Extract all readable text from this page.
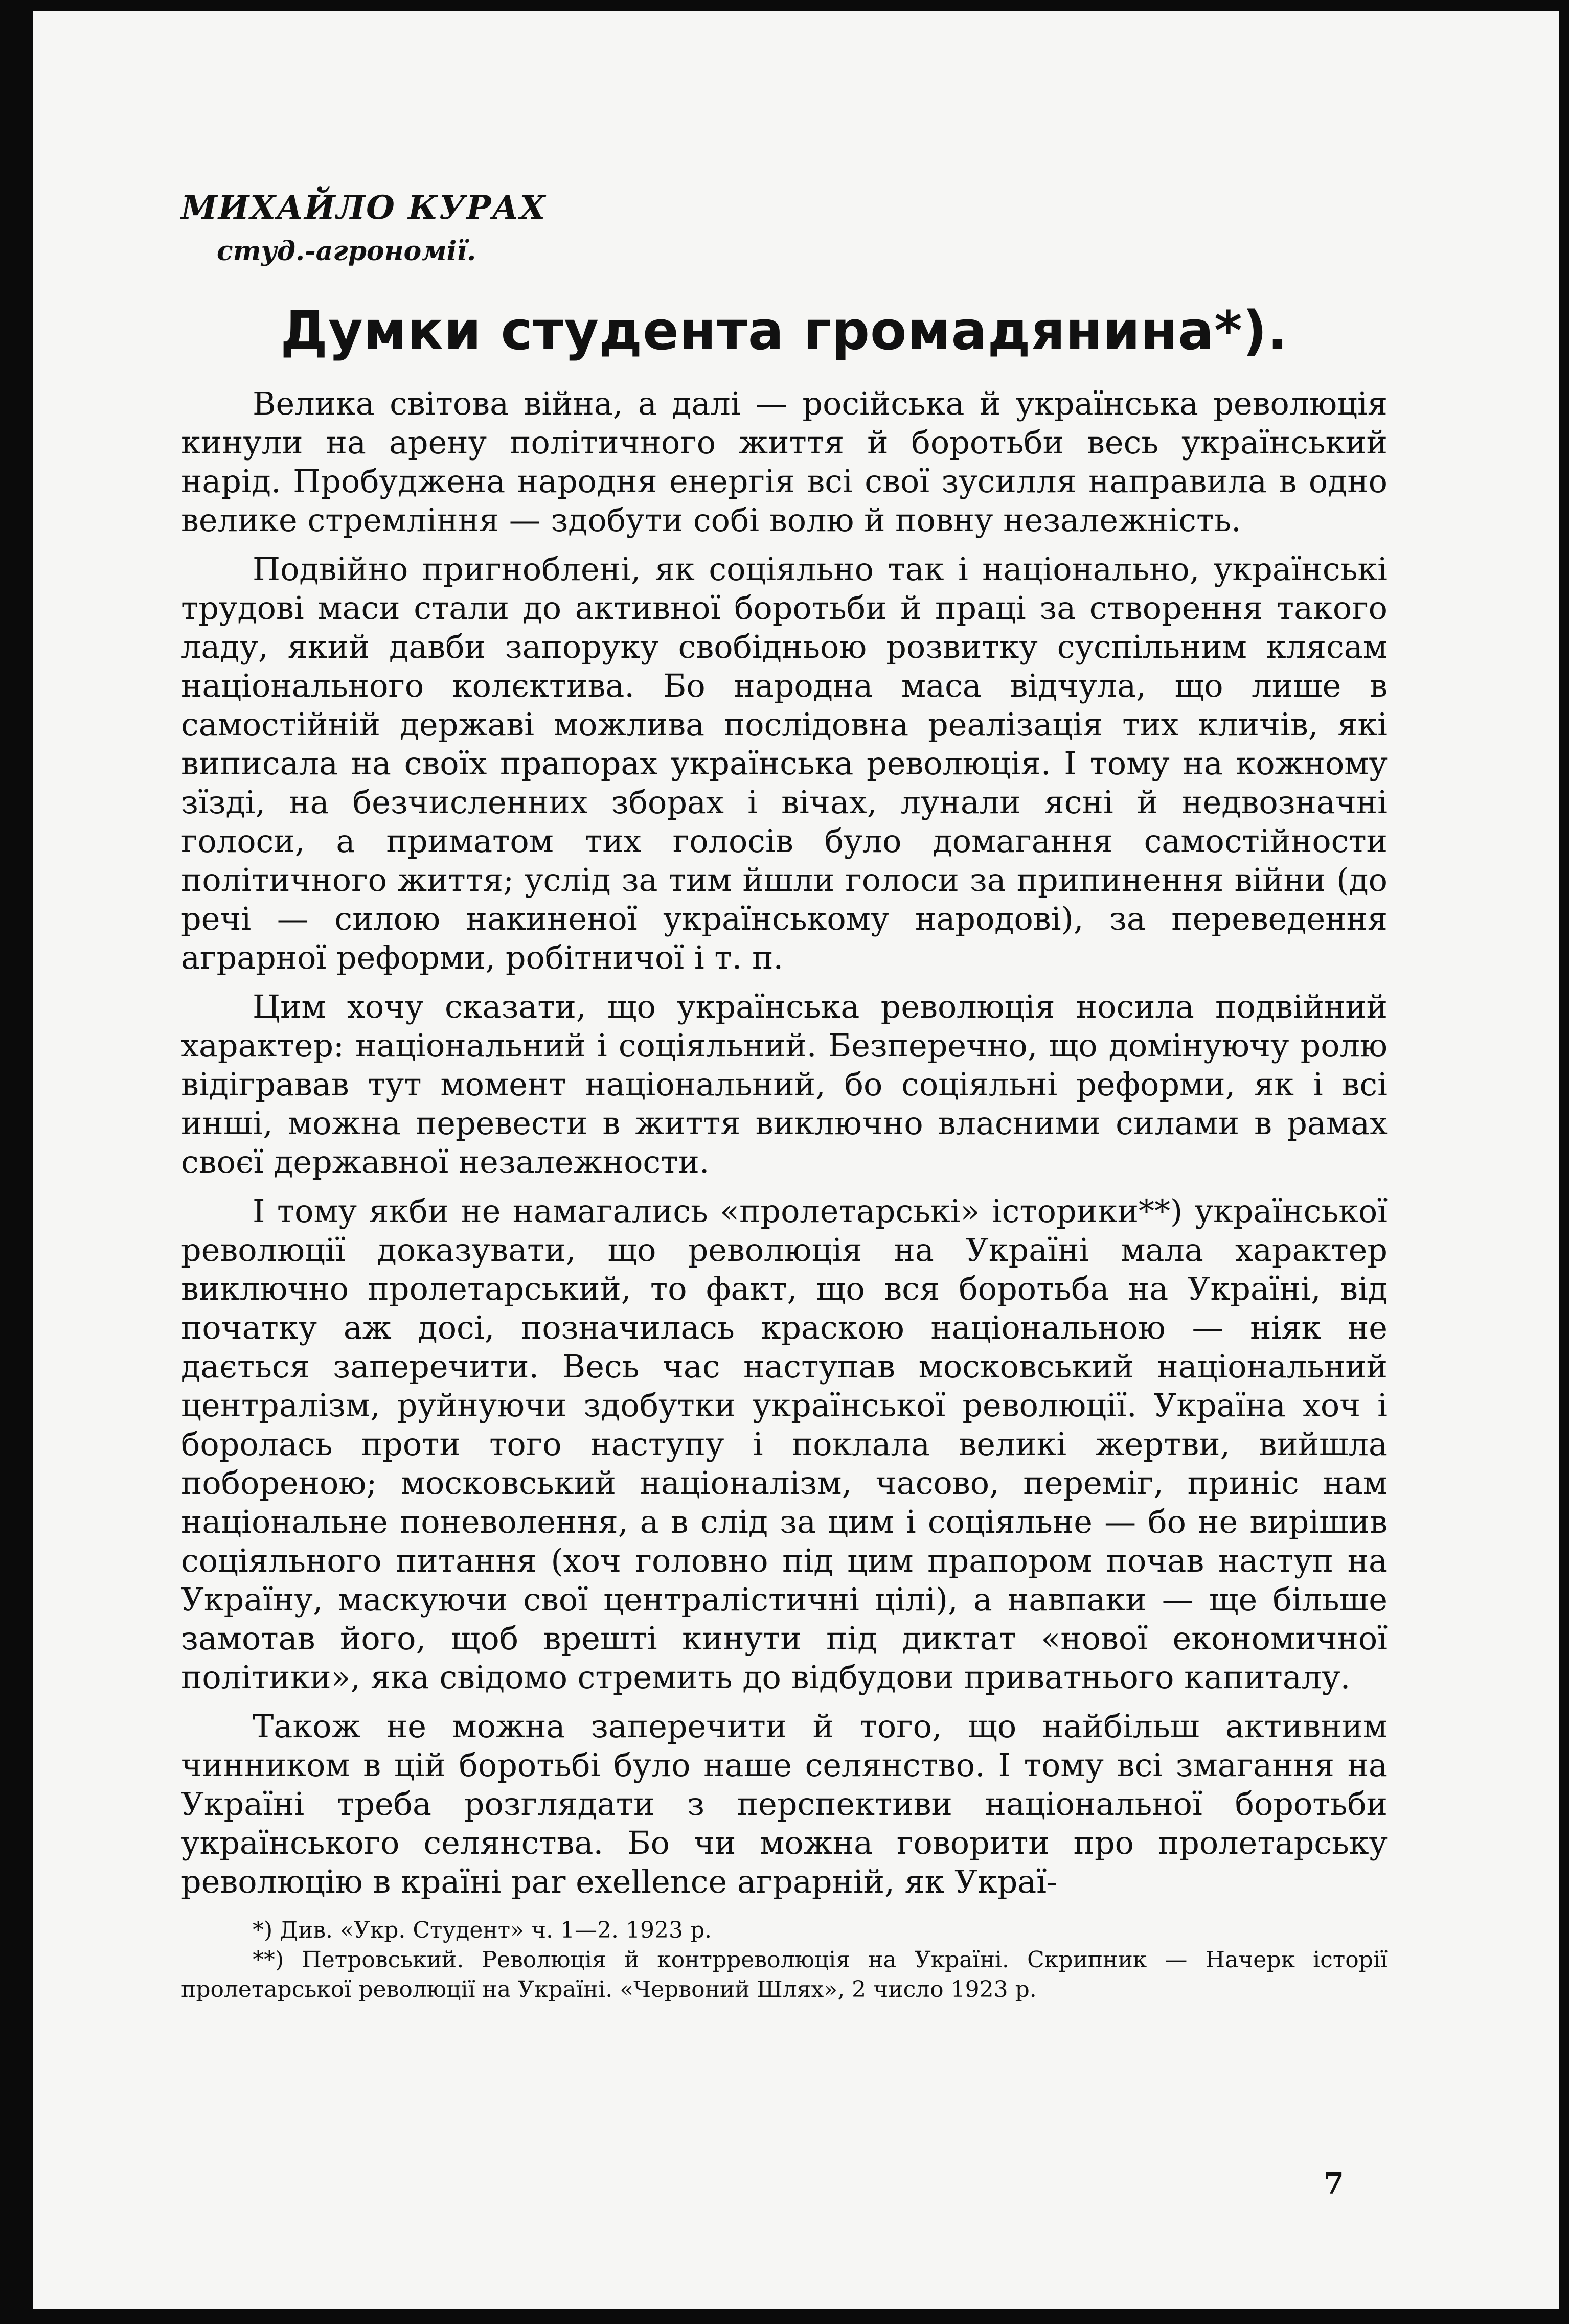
МИХАЙЛО КУРАХ

студ.-агрономії.

Думки студента громадянина*).

Велика світова війна, а далі — російська й українська революція кинули на арену політичного життя й боротьби весь український нарід. Пробуджена народня енергія всі свої зусилля направила в одно велике стремління — здобути собі волю й повну незалежність.

Подвійно пригноблені, як соціяльно так і національно, українські трудові маси стали до активної боротьби й праці за створення такого ладу, який давби запоруку свобідньою розвитку суспільним клясам національного колєктива. Бо народна маса відчула, що лише в самостійній державі можлива послідовна реалізація тих кличів, які виписала на своїх прапорах українська революція. І тому на кожному зїзді, на безчисленних зборах і вічах, лунали ясні й недвозначні голоси, а приматом тих голосів було домагання самостійности політичного життя; услід за тим йшли голоси за припинення війни (до речі — силою накиненої українському народові), за переведення аграрної реформи, робітничої і т. п.

Цим хочу сказати, що українська революція носила подвійний характер: національний і соціяльний. Безперечно, що домінуючу ролю відігравав тут момент національний, бо соціяльні реформи, як і всі инші, можна перевести в життя виключно власними силами в рамах своєї державної незалежности.

І тому якби не намагались «пролетарські» історики**) української революції доказувати, що революція на Україні мала характер виключно пролетарський, то факт, що вся боротьба на Україні, від початку аж досі, позначилась краскою національною — ніяк не дається заперечити. Весь час наступав московський національний централізм, руйнуючи здобутки української революції. Україна хоч і боролась проти того наступу і поклала великі жертви, вийшла побореною; московський націоналізм, часово, переміг, приніс нам національне поневолення, а в слід за цим і соціяльне — бо не вирішив соціяльного питання (хоч головно під цим прапором почав наступ на Україну, маскуючи свої централістичні цілі), а навпаки — ще більше замотав його, щоб врешті кинути під диктат «нової економичної політики», яка свідомо стремить до відбудови приватнього капиталу.

Також не можна заперечити й того, що найбільш активним чинником в цій боротьбі було наше селянство. І тому всі змагання на Україні треба розглядати з перспективи національної боротьби українського селянства. Бо чи можна говорити про пролетарську революцію в країні par exellence аграрній, як Украї-

*) Див. «Укр. Студент» ч. 1—2. 1923 р.

**) Петровський. Революція й контрреволюція на Україні. Скрипник — Начерк історії пролетарської революції на Україні. «Червоний Шлях», 2 число 1923 р.

7
